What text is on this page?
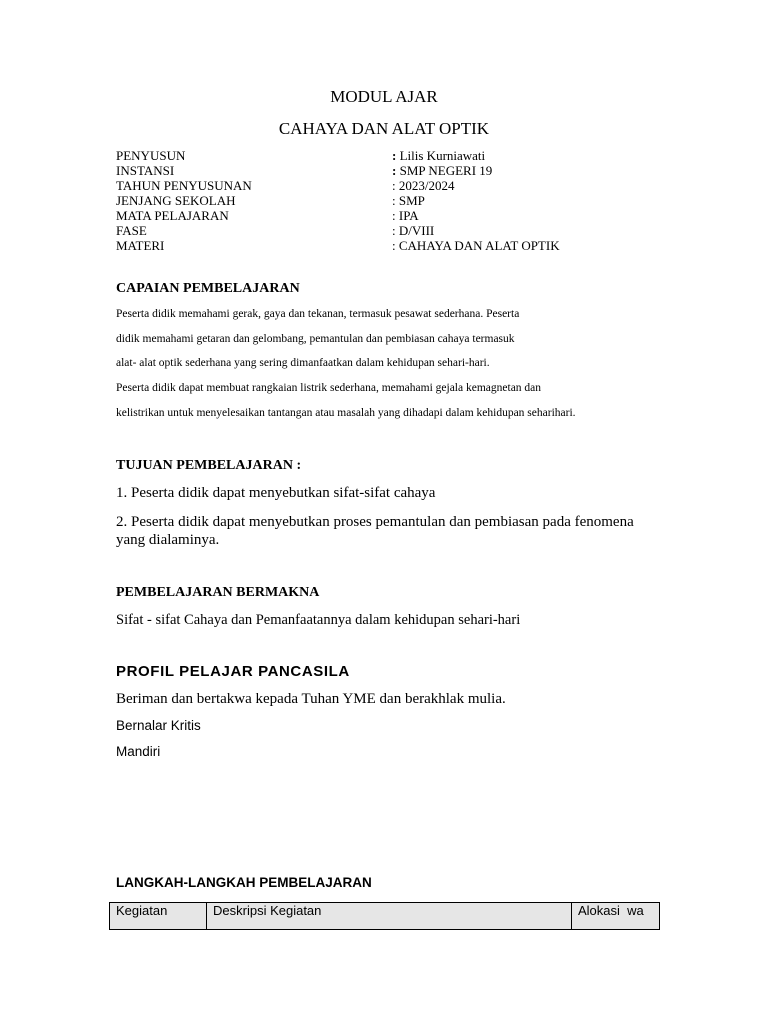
MODUL AJAR
CAHAYA DAN ALAT OPTIK
PENYUSUN	: Lilis Kurniawati
INSTANSI	: SMP NEGERI 19
TAHUN PENYUSUNAN	: 2023/2024
JENJANG SEKOLAH	: SMP
MATA PELAJARAN	: IPA
FASE	: D/VIII
MATERI	: CAHAYA DAN ALAT OPTIK
CAPAIAN PEMBELAJARAN
Peserta didik memahami gerak, gaya dan tekanan, termasuk pesawat sederhana. Peserta
didik memahami getaran dan gelombang, pemantulan dan pembiasan cahaya termasuk
alat- alat optik sederhana yang sering dimanfaatkan dalam kehidupan sehari-hari.
Peserta didik dapat membuat rangkaian listrik sederhana, memahami gejala kemagnetan dan
kelistrikan untuk menyelesaikan tantangan atau masalah yang dihadapi dalam kehidupan seharihari.
TUJUAN PEMBELAJARAN :
1. Peserta didik dapat menyebutkan sifat-sifat cahaya
2. Peserta didik dapat menyebutkan proses pemantulan dan pembiasan pada fenomena yang dialaminya.
PEMBELAJARAN BERMAKNA
Sifat - sifat Cahaya dan Pemanfaatannya dalam kehidupan sehari-hari
PROFIL PELAJAR PANCASILA
Beriman dan bertakwa kepada Tuhan YME dan berakhlak mulia.
Bernalar Kritis
Mandiri
LANGKAH-LANGKAH PEMBELAJARAN
Kegiatan	Deskripsi Kegiatan	Alokasi  wa
